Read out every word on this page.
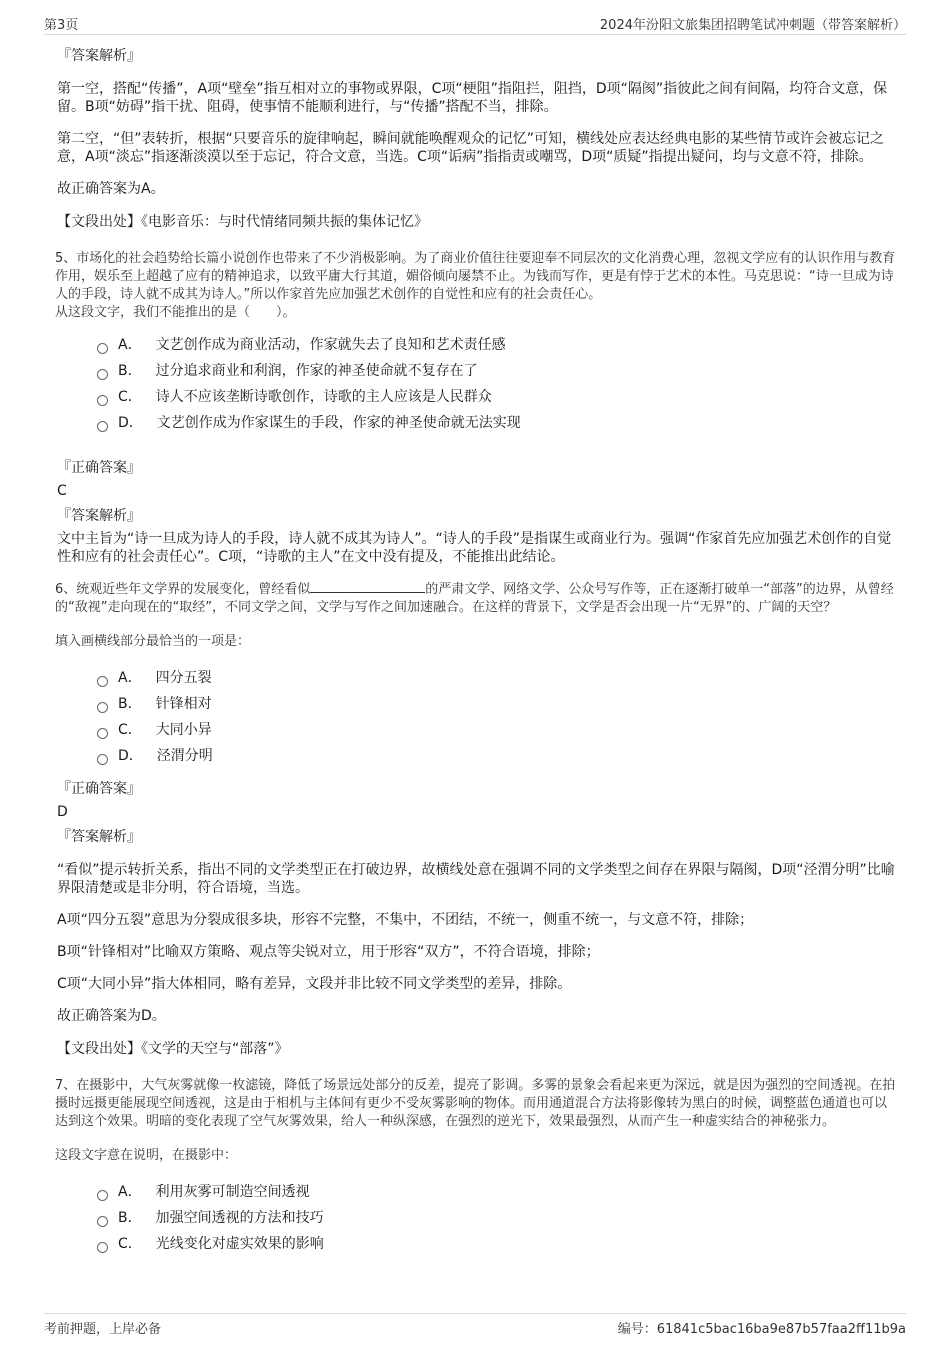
第3页	2024年汾阳文旅集团招聘笔试冲刺题（带答案解析）
『答案解析』

第一空，搭配“传播”，A项“壁垒”指互相对立的事物或界限，C项“梗阻”指阻拦，阻挡，D项“隔阂”指彼此之间有间隔，均符合文意，保留。B项“妨碍”指干扰、阻碍，使事情不能顺利进行，与“传播”搭配不当，排除。

第二空，“但”表转折，根据“只要音乐的旋律响起，瞬间就能唤醒观众的记忆”可知，横线处应表达经典电影的某些情节或许会被忘记之意，A项“淡忘”指逐渐淡漠以至于忘记，符合文意，当选。C项“诟病”指指责或嘲骂，D项“质疑”指提出疑问，均与文意不符，排除。

故正确答案为A。

【文段出处】《电影音乐：与时代情绪同频共振的集体记忆》
5、市场化的社会趋势给长篇小说创作也带来了不少消极影响。为了商业价值往往要迎奉不同层次的文化消费心理，忽视文学应有的认识作用与教育作用，娱乐至上超越了应有的精神追求，以致平庸大行其道，媚俗倾向屡禁不止。为钱而写作，更是有悖于艺术的本性。马克思说：“诗一旦成为诗人的手段，诗人就不成其为诗人。”所以作家首先应加强艺术创作的自觉性和应有的社会责任心。
从这段文字，我们不能推出的是（　　）。
A． 文艺创作成为商业活动，作家就失去了良知和艺术责任感
B． 过分追求商业和利润，作家的神圣使命就不复存在了
C． 诗人不应该垄断诗歌创作，诗歌的主人应该是人民群众
D． 文艺创作成为作家谋生的手段，作家的神圣使命就无法实现
『正确答案』
C
『答案解析』

文中主旨为“诗一旦成为诗人的手段，诗人就不成其为诗人”。“诗人的手段”是指谋生或商业行为。强调“作家首先应加强艺术创作的自觉性和应有的社会责任心”。C项，“诗歌的主人”在文中没有提及，不能推出此结论。

6、统观近些年文学界的发展变化，曾经看似	的严肃文学、网络文学、公众号写作等，正在逐渐打破单一“部落”的边界，从曾经的“敌视”走向现在的“取经”，不同文学之间，文学与写作之间加速融合。在这样的背景下，文学是否会出现一片“无界”的、广阔的天空？
填入画横线部分最恰当的一项是：
A． 四分五裂
B． 针锋相对
C． 大同小异
D． 泾渭分明
『正确答案』
D
『答案解析』

“看似”提示转折关系，指出不同的文学类型正在打破边界，故横线处意在强调不同的文学类型之间存在界限与隔阂，D项“泾渭分明”比喻界限清楚或是非分明，符合语境，当选。

A项“四分五裂”意思为分裂成很多块，形容不完整，不集中，不团结，不统一，侧重不统一，与文意不符，排除；

B项“针锋相对”比喻双方策略、观点等尖锐对立，用于形容“双方”，不符合语境，排除；

C项“大同小异”指大体相同，略有差异，文段并非比较不同文学类型的差异，排除。

故正确答案为D。

【文段出处】《文学的天空与“部落”》
7、在摄影中，大气灰雾就像一枚滤镜，降低了场景远处部分的反差，提亮了影调。多雾的景象会看起来更为深远，就是因为强烈的空间透视。在拍摄时远摄更能展现空间透视，这是由于相机与主体间有更少不受灰雾影响的物体。而用通道混合方法将影像转为黑白的时候，调整蓝色通道也可以达到这个效果。明暗的变化表现了空气灰雾效果，给人一种纵深感，在强烈的逆光下，效果最强烈，从而产生一种虚实结合的神秘张力。
这段文字意在说明，在摄影中：
A． 利用灰雾可制造空间透视
B． 加强空间透视的方法和技巧
C． 光线变化对虚实效果的影响
考前押题，上岸必备	编号：61841c5bac16ba9e87b57faa2ff11b9a
